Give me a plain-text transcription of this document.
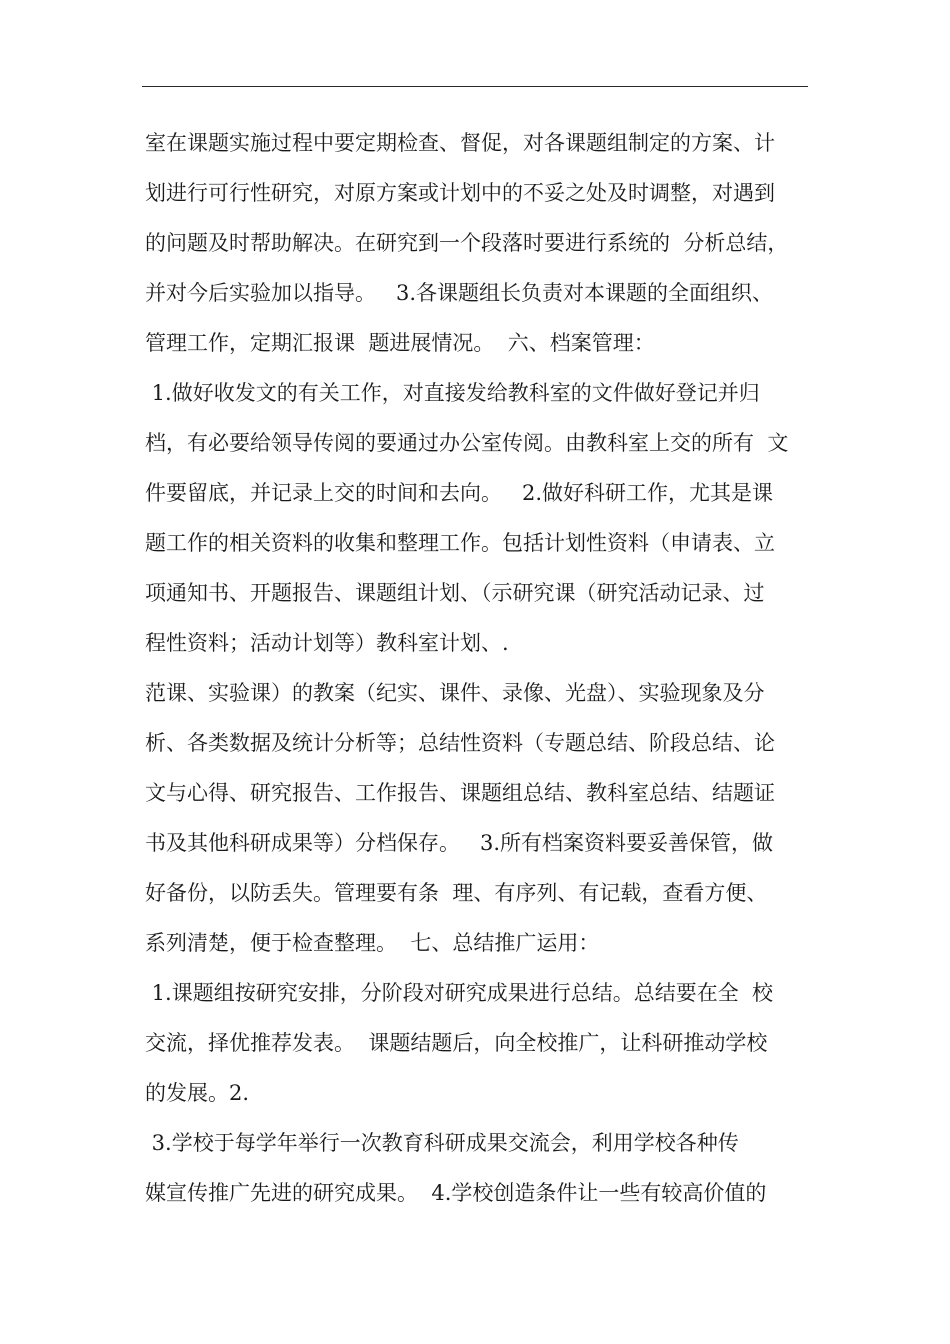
室在课题实施过程中要定期检查、督促，对各课题组制定的方案、计
划进行可行性研究，对原方案或计划中的不妥之处及时调整，对遇到
的问题及时帮助解决。在研究到一个段落时要进行系统的  分析总结，
并对今后实验加以指导。   3.各课题组长负责对本课题的全面组织、
管理工作，定期汇报课  题进展情况。  六、档案管理：
1.做好收发文的有关工作，对直接发给教科室的文件做好登记并归
档，有必要给领导传阅的要通过办公室传阅。由教科室上交的所有  文
件要留底，并记录上交的时间和去向。   2.做好科研工作，尤其是课
题工作的相关资料的收集和整理工作。包括计划性资料（申请表、立
项通知书、开题报告、课题组计划、（示研究课（研究活动记录、过
程性资料；活动计划等）教科室计划、.
范课、实验课）的教案（纪实、课件、录像、光盘）、实验现象及分
析、各类数据及统计分析等；总结性资料（专题总结、阶段总结、论
文与心得、研究报告、工作报告、课题组总结、教科室总结、结题证
书及其他科研成果等）分档保存。   3.所有档案资料要妥善保管，做
好备份，以防丢失。管理要有条  理、有序列、有记载，查看方便、
系列清楚，便于检查整理。  七、总结推广运用：
1.课题组按研究安排，分阶段对研究成果进行总结。总结要在全  校
交流，择优推荐发表。  课题结题后，向全校推广，让科研推动学校
的发展。2.
3.学校于每学年举行一次教育科研成果交流会，利用学校各种传
媒宣传推广先进的研究成果。  4.学校创造条件让一些有较高价值的
